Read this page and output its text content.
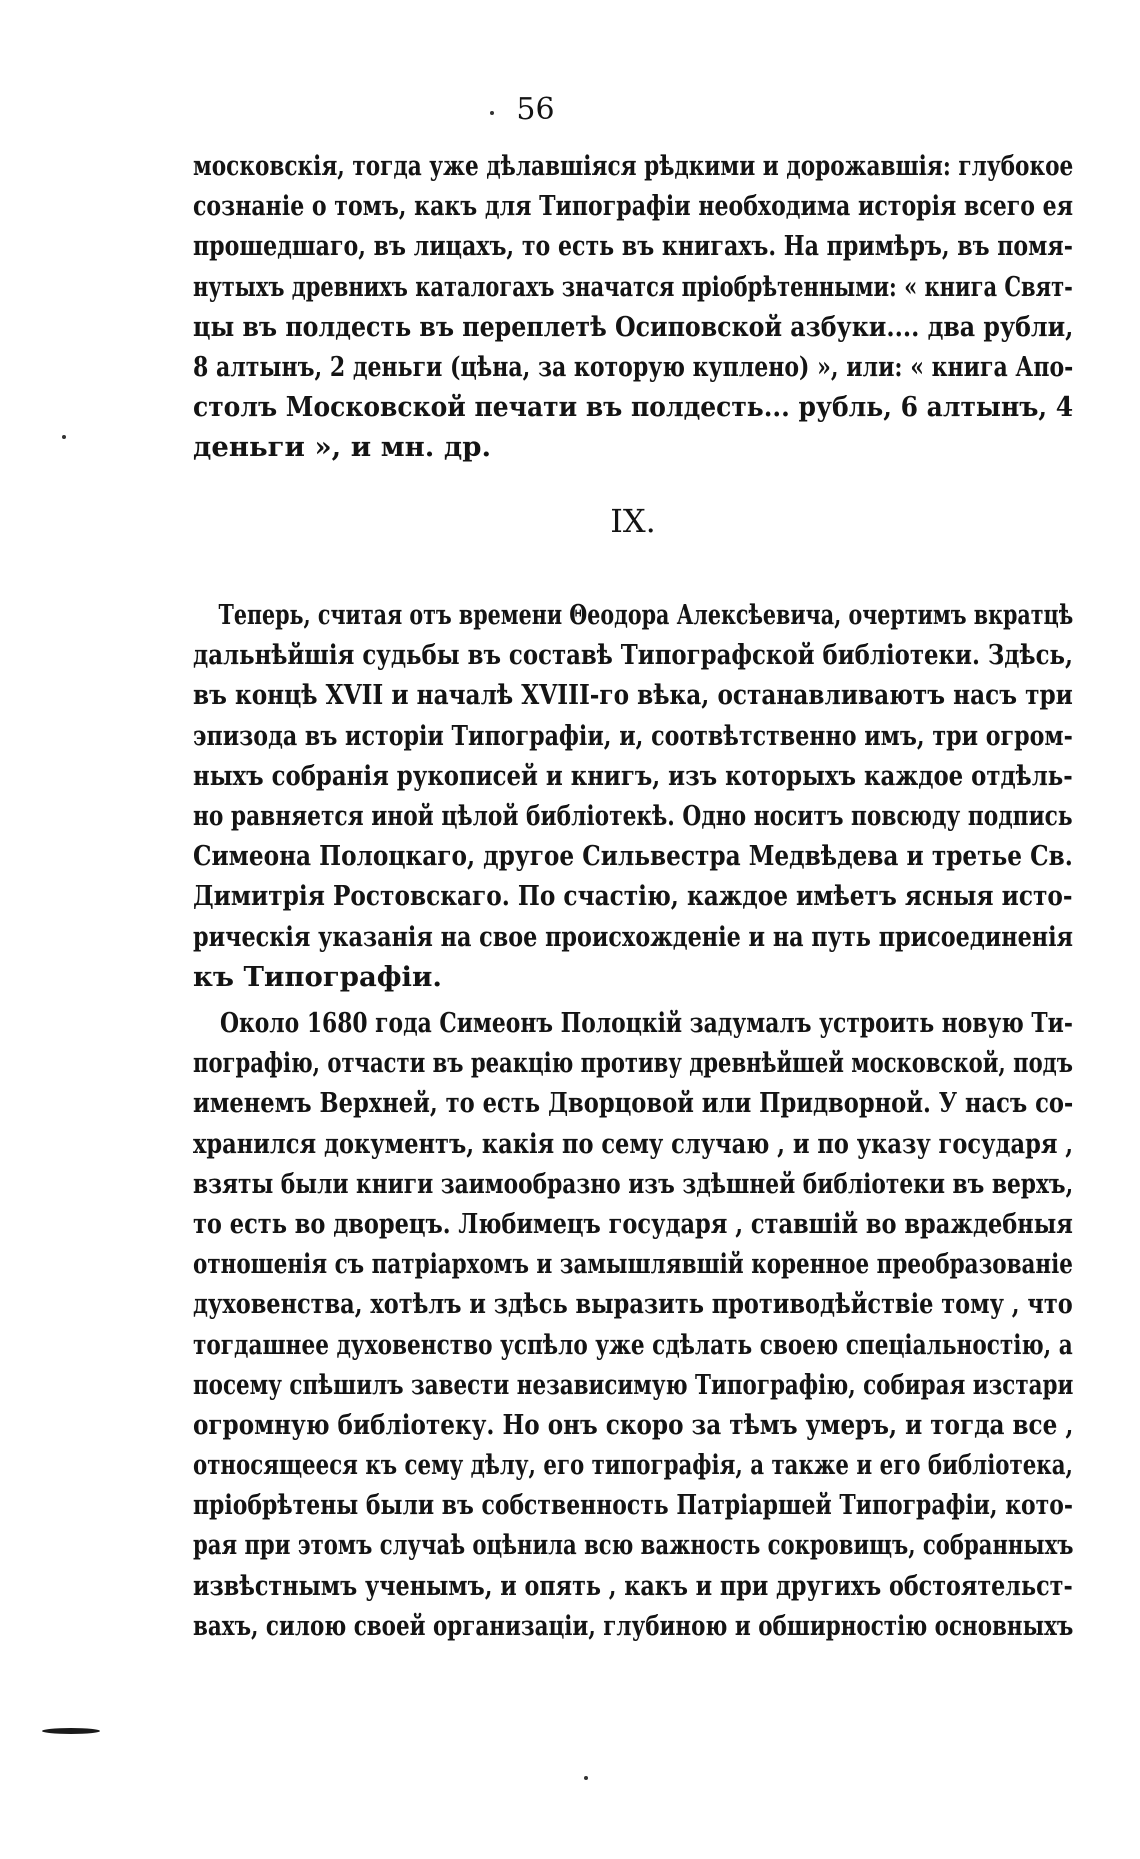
56
московскія, тогда уже дѣлавшіяся рѣдкими и дорожавшія: глубокое
сознаніе о томъ, какъ для Типографіи необходима исторія всего ея
прошедшаго, въ лицахъ, то есть въ книгахъ. На примѣръ, въ помя-
нутыхъ древнихъ каталогахъ значатся пріобрѣтенными: « книга Свят-
цы въ полдесть въ переплетѣ Осиповской азбуки.... два рубли,
8 алтынъ, 2 деньги (цѣна, за которую куплено) », или: « книга Апо-
столъ Московской печати въ полдесть... рубль, 6 алтынъ, 4
деньги », и мн. др.
IX.
Теперь, считая отъ времени Θеодора Алексѣевича, очертимъ вкратцѣ
дальнѣйшія судьбы въ составѣ Типографской библіотеки. Здѣсь,
въ концѣ XVII и началѣ XVIII-го вѣка, останавливаютъ насъ три
эпизода въ исторіи Типографіи, и, соотвѣтственно имъ, три огром-
ныхъ собранія рукописей и книгъ, изъ которыхъ каждое отдѣль-
но равняется иной цѣлой библіотекѣ. Одно носитъ повсюду подпись
Симеона Полоцкаго, другое Сильвестра Медвѣдева и третье Св.
Димитрія Ростовскаго. По счастію, каждое имѣетъ ясныя исто-
рическія указанія на свое происхожденіе и на путь присоединенія
къ Типографіи.
Около 1680 года Симеонъ Полоцкій задумалъ устроить новую Ти-
пографію, отчасти въ реакцію противу древнѣйшей московской, подъ
именемъ Верхней, то есть Дворцовой или Придворной. У насъ со-
хранился документъ, какія по сему случаю , и по указу государя ,
взяты были книги заимообразно изъ здѣшней библіотеки въ верхъ,
то есть во дворецъ. Любимецъ государя , ставшій во враждебныя
отношенія съ патріархомъ и замышлявшій коренное преобразованіе
духовенства, хотѣлъ и здѣсь выразить противодѣйствіе тому , что
тогдашнее духовенство успѣло уже сдѣлать своею спеціальностію, а
посему спѣшилъ завести независимую Типографію, собирая изстари
огромную библіотеку. Но онъ скоро за тѣмъ умеръ, и тогда все ,
относящееся къ сему дѣлу, его типографія, а также и его библіотека,
пріобрѣтены были въ собственность Патріаршей Типографіи, кото-
рая при этомъ случаѣ оцѣнила всю важность сокровищъ, собранныхъ
извѣстнымъ ученымъ, и опять , какъ и при другихъ обстоятельст-
вахъ, силою своей организаціи, глубиною и обширностію основныхъ
